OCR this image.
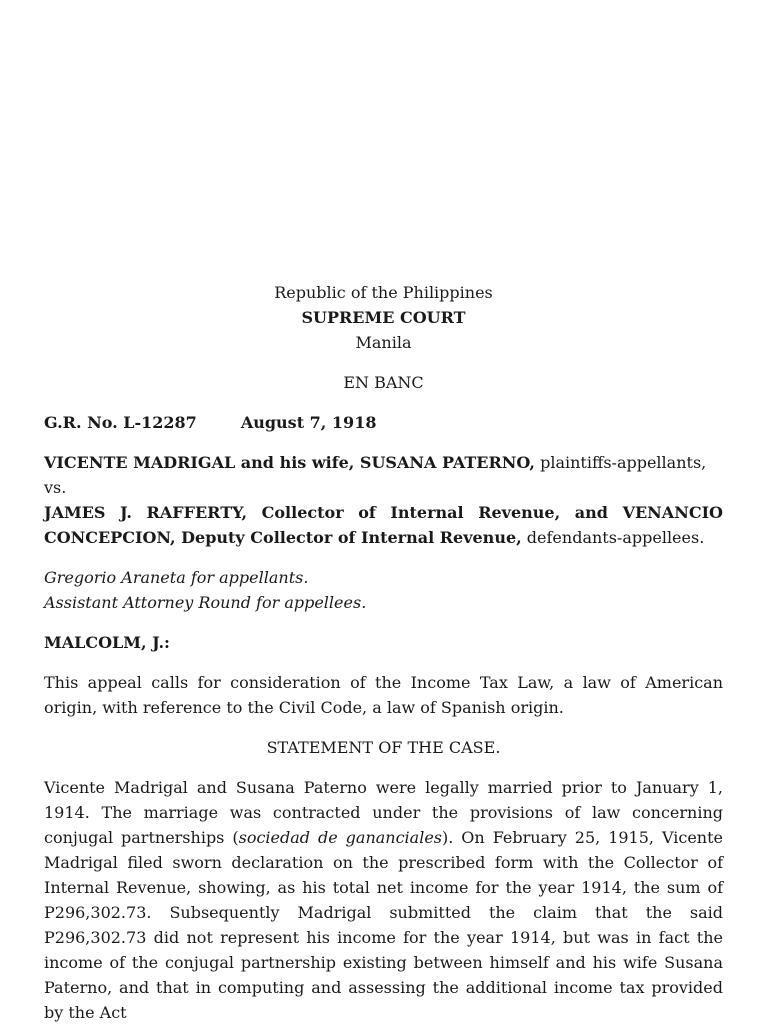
Republic of the Philippines
SUPREME COURT
Manila
EN BANC
G.R. No. L-12287	August 7, 1918
VICENTE MADRIGAL and his wife, SUSANA PATERNO, plaintiffs-appellants,
vs.
JAMES J. RAFFERTY, Collector of Internal Revenue, and VENANCIO CONCEPCION, Deputy Collector of Internal Revenue, defendants-appellees.
Gregorio Araneta for appellants.
Assistant Attorney Round for appellees.
MALCOLM, J.:

This appeal calls for consideration of the Income Tax Law, a law of American origin, with reference to the Civil Code, a law of Spanish origin.

STATEMENT OF THE CASE.

Vicente Madrigal and Susana Paterno were legally married prior to January 1, 1914. The marriage was contracted under the provisions of law concerning conjugal partnerships (sociedad de gananciales). On February 25, 1915, Vicente Madrigal filed sworn declaration on the prescribed form with the Collector of Internal Revenue, showing, as his total net income for the year 1914, the sum of P296,302.73. Subsequently Madrigal submitted the claim that the said P296,302.73 did not represent his income for the year 1914, but was in fact the income of the conjugal partnership existing between himself and his wife Susana Paterno, and that in computing and assessing the additional income tax provided by the Act
